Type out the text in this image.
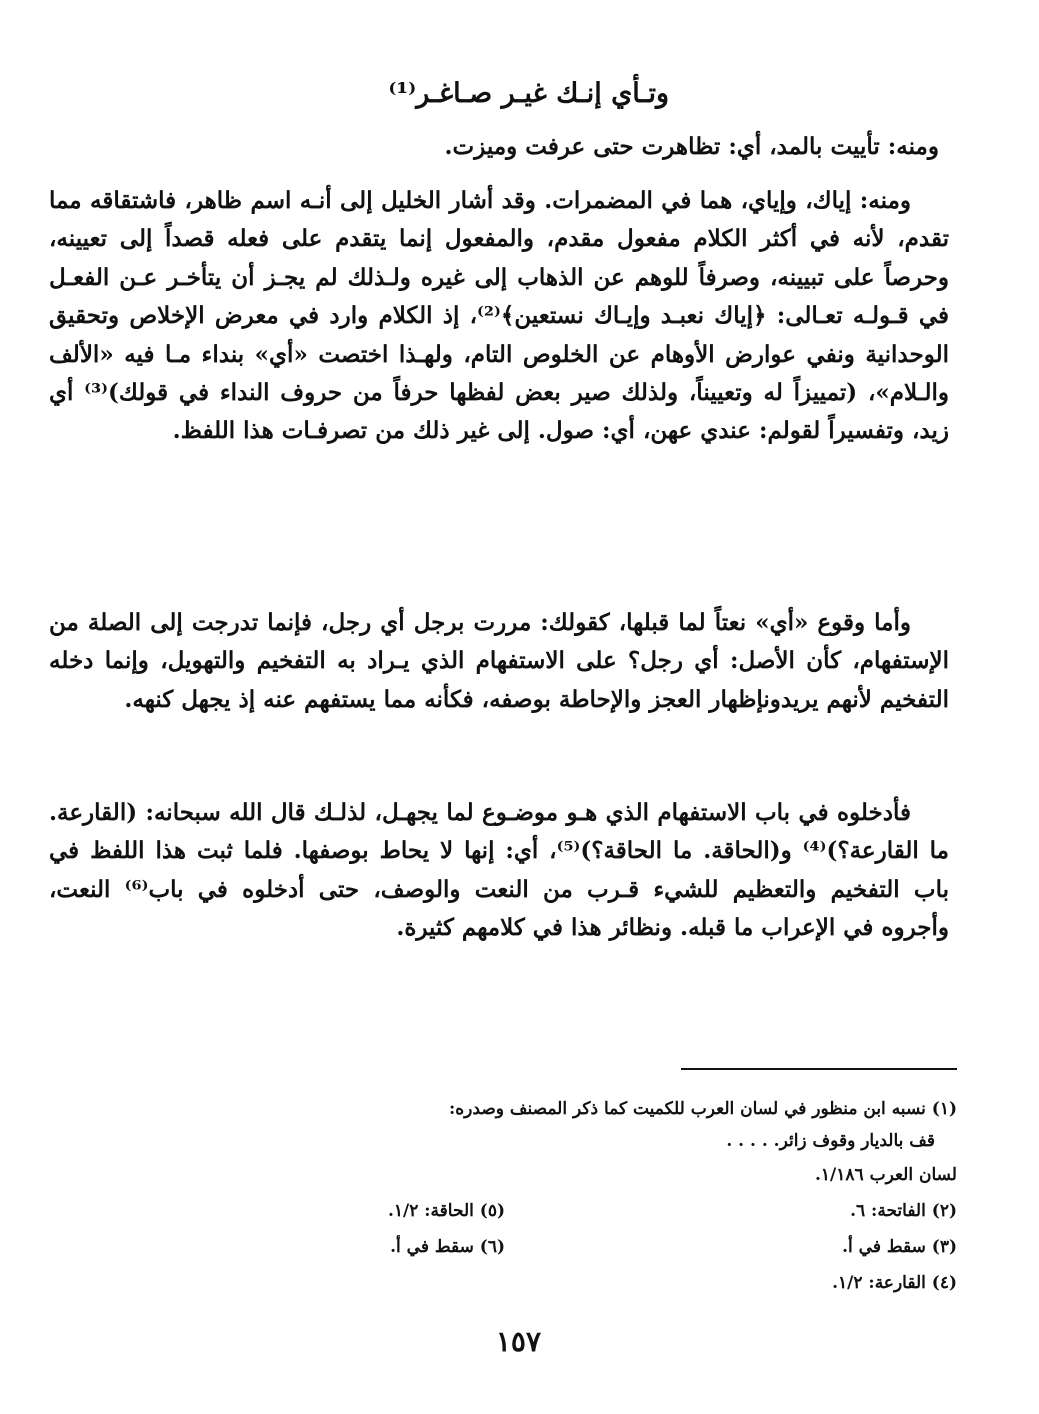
وتـأي إنـك غيـر صـاغـر⁽¹⁾

ومنه: تأييت بالمد، أي: تظاهرت حتى عرفت وميزت.

ومنه: إياك، وإياي، هما في المضمرات. وقد أشار الخليل إلى أنـه اسم ظاهر، فاشتقاقه مما تقدم، لأنه في أكثر الكلام مفعول مقدم، والمفعول إنما يتقدم على فعله قصداً إلى تعيينه، وحرصاً على تبيينه، وصرفاً للوهم عن الذهاب إلى غيره ولـذلك لم يجـز أن يتأخـر عـن الفعـل في قـولـه تعـالى: ﴿إياك نعبـد وإيـاك نستعين﴾⁽²⁾، إذ الكلام وارد في معرض الإخلاص وتحقيق الوحدانية ونفي عوارض الأوهام عن الخلوص التام، ولهـذا اختصت «أي» بنداء مـا فيه «الألف والـلام»، (تمييزاً له وتعييناً، ولذلك صير بعض لفظها حرفاً من حروف النداء في قولك)⁽³⁾ أي زيد، وتفسيراً لقولم: عندي عهن، أي: صول. إلى غير ذلك من تصرفـات هذا اللفظ.

وأما وقوع «أي» نعتاً لما قبلها، كقولك: مررت برجل أي رجل، فإنما تدرجت إلى الصلة من الإستفهام، كأن الأصل: أي رجل؟ على الاستفهام الذي يـراد به التفخيم والتهويل، وإنما دخله التفخيم لأنهم يريدونإظهار العجز والإحاطة بوصفه، فكأنه مما يستفهم عنه إذ يجهل كنهه.

فأدخلوه في باب الاستفهام الذي هـو موضـوع لما يجهـل، لذلـك قال الله سبحانه: (القارعة. ما القارعة؟)⁽⁴⁾ و(الحاقة. ما الحاقة؟)⁽⁵⁾، أي: إنها لا يحاط بوصفها. فلما ثبت هذا اللفظ في باب التفخيم والتعظيم للشيء قـرب من النعت والوصف، حتى أدخلوه في باب⁽⁶⁾ النعت، وأجروه في الإعراب ما قبله. ونظائر هذا في كلامهم كثيرة.

(١) نسبه ابن منظور في لسان العرب للكميت كما ذكر المصنف وصدره:
قف بالديار وقوف زائر. . . . .
لسان العرب ١/١٨٦.
(٢) الفاتحة: ٦.
(٣) سقط في أ.
(٤) القارعة: ١/٢.
(٥) الحاقة: ١/٢.
(٦) سقط في أ.
١٥٧
